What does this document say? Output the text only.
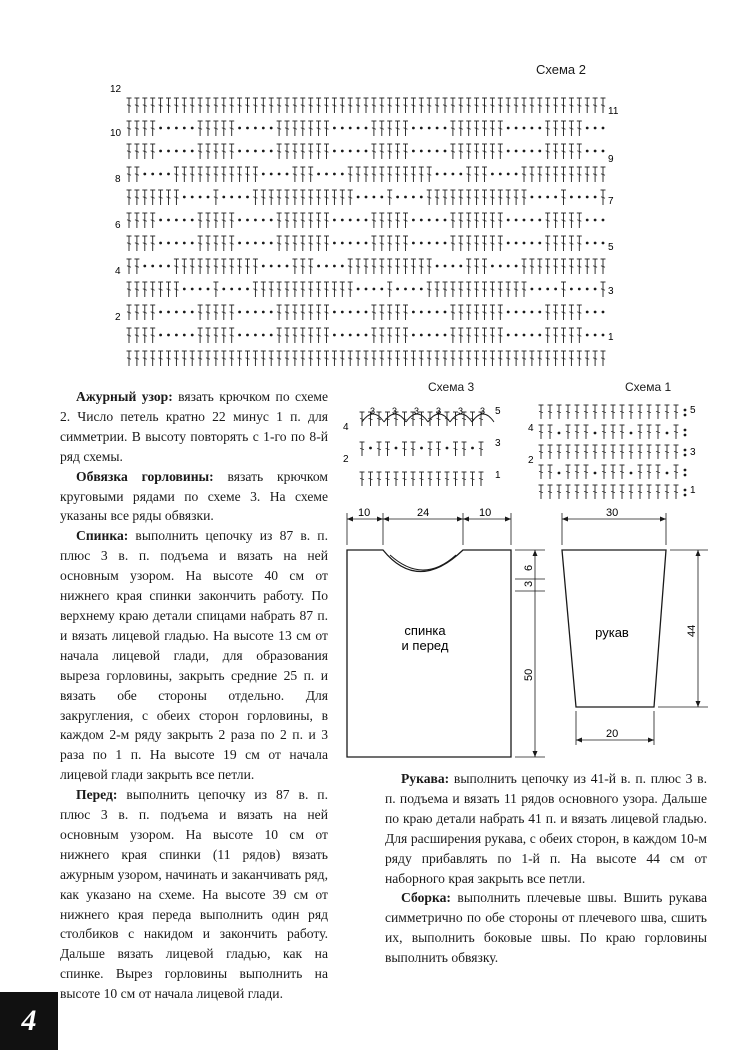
Схема 2
12
10
8
6
4
2
11
9
7
5
3
1
Схема 3
3 3 3 3 3 3
4
2
5
3
1
Схема 1
4
2
5
3
1
10	24	10
6
3
50
спинка
и перед
30
20
44
рукав

Ажурный узор: вязать крючком по схеме 2. Число петель кратно 22 минус 1 п. для симметрии. В высоту повторять с 1-го по 8-й ряд схемы.

Обвязка горловины: вязать крючком круговыми рядами по схеме 3. На схеме указаны все ряды обвязки.

Спинка: выполнить цепочку из 87 в. п. плюс 3 в. п. подъема и вязать на ней основным узором. На высоте 40 см от нижнего края спинки закончить работу. По верхнему краю детали спицами набрать 87 п. и вязать лицевой гладью. На высоте 13 см от начала лицевой глади, для образования выреза горловины, закрыть средние 25 п. и вязать обе стороны отдельно. Для закругления, с обеих сторон горловины, в каждом 2-м ряду закрыть 2 раза по 2 п. и 3 раза по 1 п. На высоте 19 см от начала лицевой глади закрыть все петли.

Перед: выполнить цепочку из 87 в. п. плюс 3 в. п. подъема и вязать на ней основным узором. На высоте 10 см от нижнего края спинки (11 рядов) вязать ажурным узором, начинать и заканчивать ряд, как указано на схеме. На высоте 39 см от нижнего края переда выполнить один ряд столбиков с накидом и закончить работу. Дальше вязать лицевой гладью, как на спинке. Вырез горловины выполнить на высоте 10 см от начала лицевой глади.

Рукава: выполнить цепочку из 41-й в. п. плюс 3 в. п. подъема и вязать 11 рядов основного узора. Дальше по краю детали набрать 41 п. и вязать лицевой гладью. Для расширения рукава, с обеих сторон, в каждом 10-м ряду прибавлять по 1-й п. На высоте 44 см от наборного края закрыть все петли.

Сборка: выполнить плечевые швы. Вшить рукава симметрично по обе стороны от плечевого шва, сшить их, выполнить боковые швы. По краю горловины выполнить обвязку.

4
